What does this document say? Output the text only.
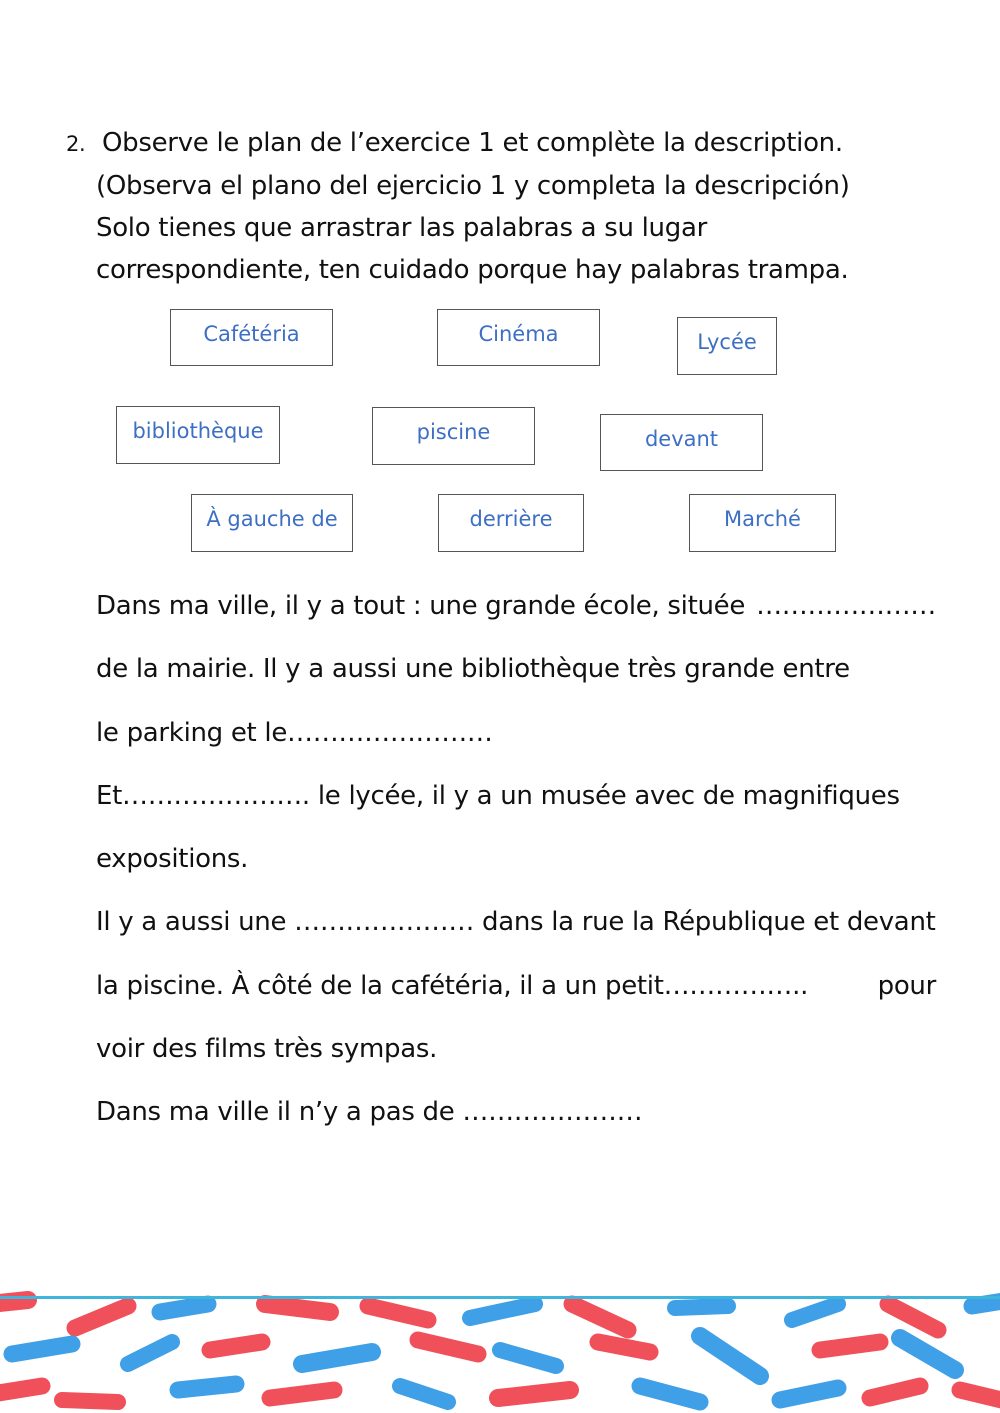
2. Observe le plan de l’exercice 1 et complète la description.
(Observa el plano del ejercicio 1 y completa la descripción)
Solo tienes que arrastrar las palabras a su lugar
correspondiente, ten cuidado porque hay palabras trampa.
Cafétéria	Cinéma	Lycée
bibliothèque	piscine	devant
À gauche de	derrière	Marché
Dans ma ville, il y a tout : une grande école, située …………………
de la mairie. Il y a aussi une bibliothèque très grande entre
le parking et le……………………
Et…………………. le lycée, il y a un musée avec de magnifiques
expositions.
Il y a aussi une ………………… dans la rue la République et devant
la piscine. À côté de la cafétéria, il a un petit……………..	pour
voir des films très sympas.
Dans ma ville il n’y a pas de …………………
